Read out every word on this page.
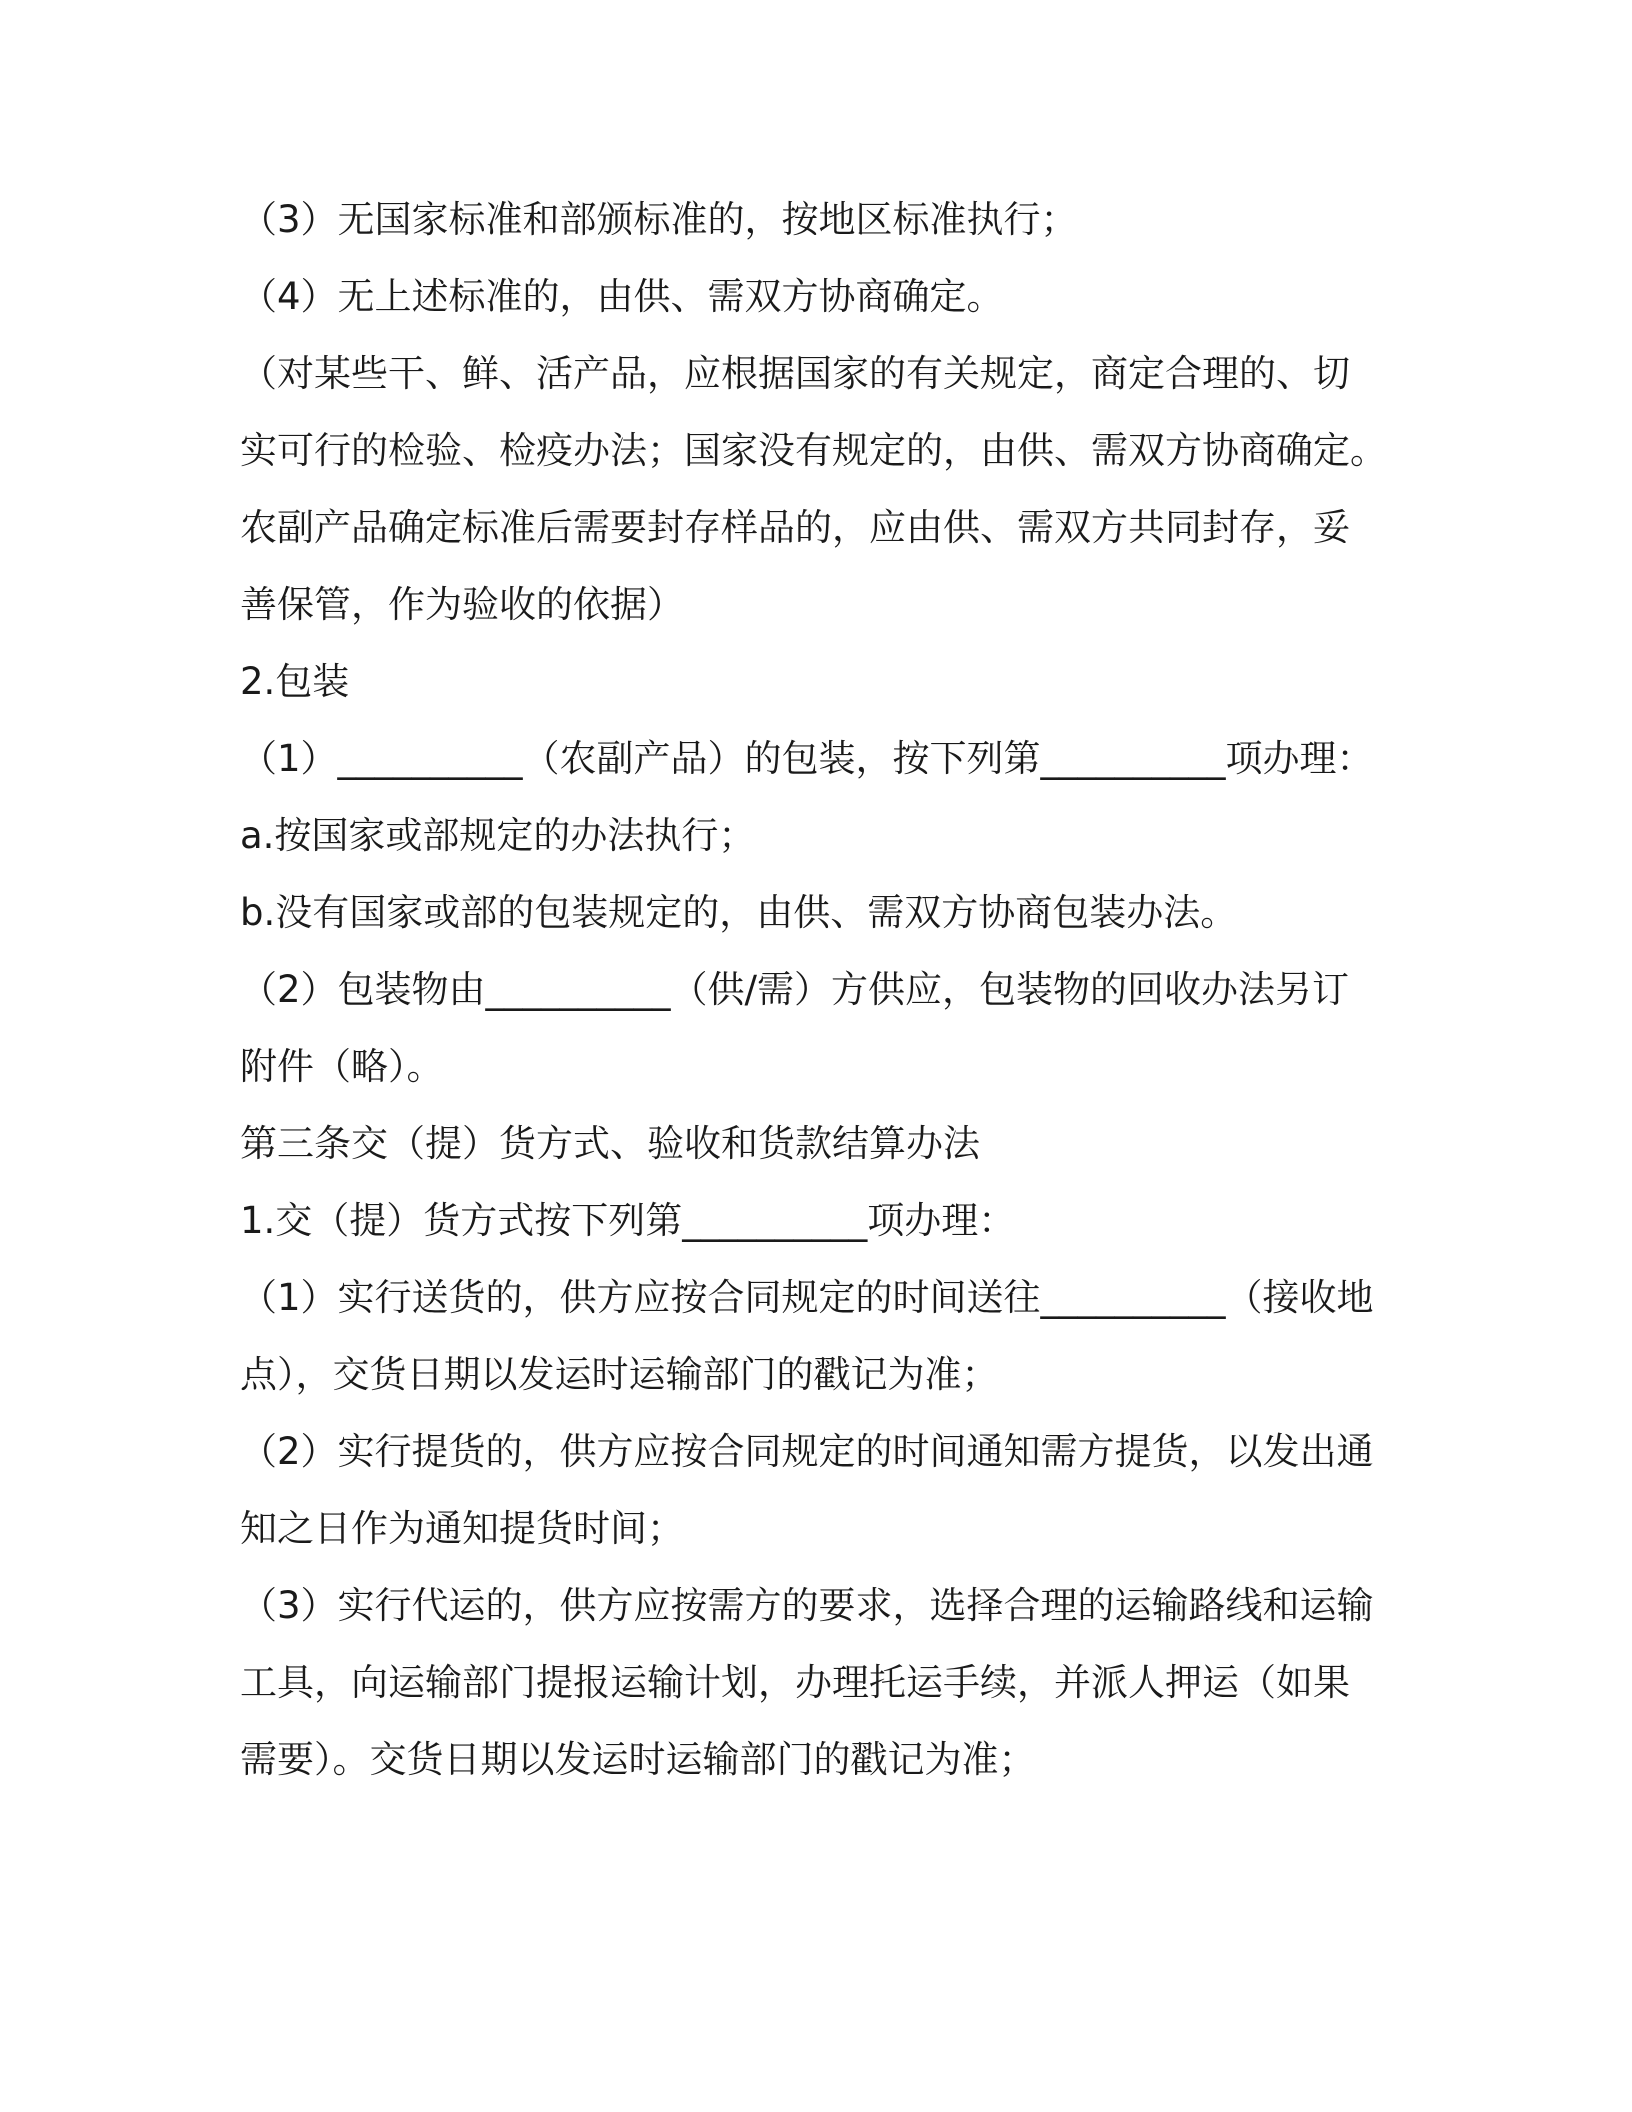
（3）无国家标准和部颁标准的，按地区标准执行；
（4）无上述标准的，由供、需双方协商确定。
（对某些干、鲜、活产品，应根据国家的有关规定，商定合理的、切
实可行的检验、检疫办法；国家没有规定的，由供、需双方协商确定。
农副产品确定标准后需要封存样品的，应由供、需双方共同封存，妥
善保管，作为验收的依据）
2.包装
（1）__________（农副产品）的包装，按下列第__________项办理：
a.按国家或部规定的办法执行；
b.没有国家或部的包装规定的，由供、需双方协商包装办法。
（2）包装物由__________（供/需）方供应，包装物的回收办法另订
附件（略）。
第三条交（提）货方式、验收和货款结算办法
1.交（提）货方式按下列第__________项办理：
（1）实行送货的，供方应按合同规定的时间送往__________（接收地
点），交货日期以发运时运输部门的戳记为准；
（2）实行提货的，供方应按合同规定的时间通知需方提货，以发出通
知之日作为通知提货时间；
（3）实行代运的，供方应按需方的要求，选择合理的运输路线和运输
工具，向运输部门提报运输计划，办理托运手续，并派人押运（如果
需要）。交货日期以发运时运输部门的戳记为准；
